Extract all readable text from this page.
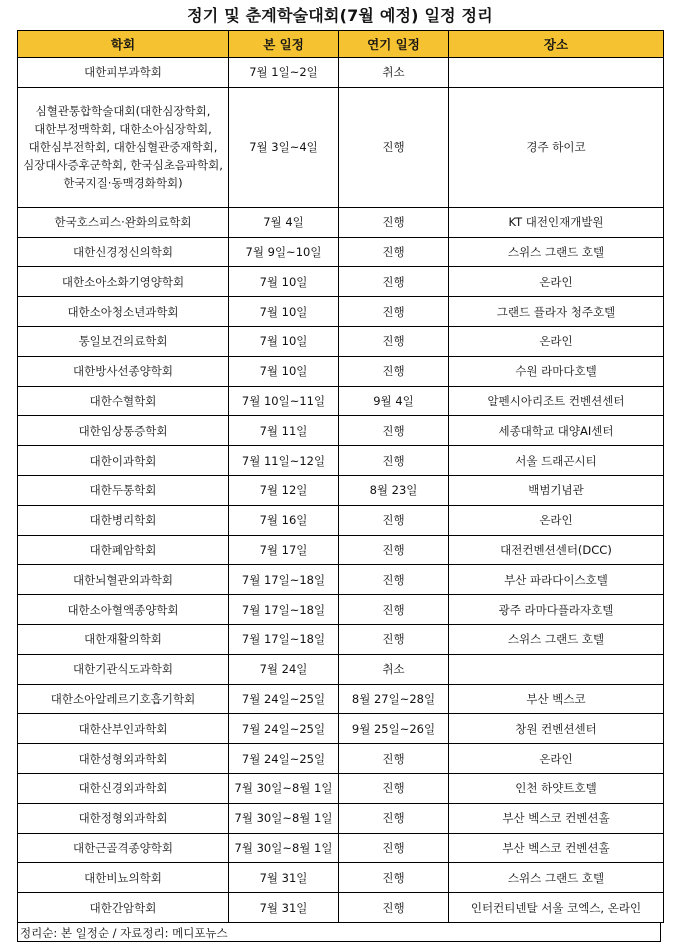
정기 및 춘계학술대회(7월 예정) 일정 정리
학회	본 일정	연기 일정	장소
대한피부과학회	7월 1일~2일	취소	
심혈관통합학술대회(대한심장학회, 대한부정맥학회, 대한소아심장학회, 대한심부전학회, 대한심혈관중재학회, 심장대사증후군학회, 한국심초음파학회, 한국지질·동맥경화학회)	7월 3일~4일	진행	경주 하이코
한국호스피스·완화의료학회	7월 4일	진행	KT 대전인재개발원
대한신경정신의학회	7월 9일~10일	진행	스위스 그랜드 호텔
대한소아소화기영양학회	7월 10일	진행	온라인
대한소아청소년과학회	7월 10일	진행	그랜드 플라자 청주호텔
통일보건의료학회	7월 10일	진행	온라인
대한방사선종양학회	7월 10일	진행	수원 라마다호텔
대한수혈학회	7월 10일~11일	9월 4일	알펜시아리조트 컨벤션센터
대한임상통증학회	7월 11일	진행	세종대학교 대양AI센터
대한이과학회	7월 11일~12일	진행	서울 드래곤시티
대한두통학회	7월 12일	8월 23일	백범기념관
대한병리학회	7월 16일	진행	온라인
대한폐암학회	7월 17일	진행	대전컨벤션센터(DCC)
대한뇌혈관외과학회	7월 17일~18일	진행	부산 파라다이스호텔
대한소아혈액종양학회	7월 17일~18일	진행	광주 라마다플라자호텔
대한재활의학회	7월 17일~18일	진행	스위스 그랜드 호텔
대한기관식도과학회	7월 24일	취소	
대한소아알레르기호흡기학회	7월 24일~25일	8월 27일~28일	부산 벡스코
대한산부인과학회	7월 24일~25일	9월 25일~26일	창원 컨벤션센터
대한성형외과학회	7월 24일~25일	진행	온라인
대한신경외과학회	7월 30일~8월 1일	진행	인천 하얏트호텔
대한정형외과학회	7월 30일~8월 1일	진행	부산 벡스코 컨벤션홀
대한근골격종양학회	7월 30일~8월 1일	진행	부산 벡스코 컨벤션홀
대한비뇨의학회	7월 31일	진행	스위스 그랜드 호텔
대한간암학회	7월 31일	진행	인터컨티넨탈 서울 코엑스, 온라인
정리순: 본 일정순 / 자료정리: 메디포뉴스
